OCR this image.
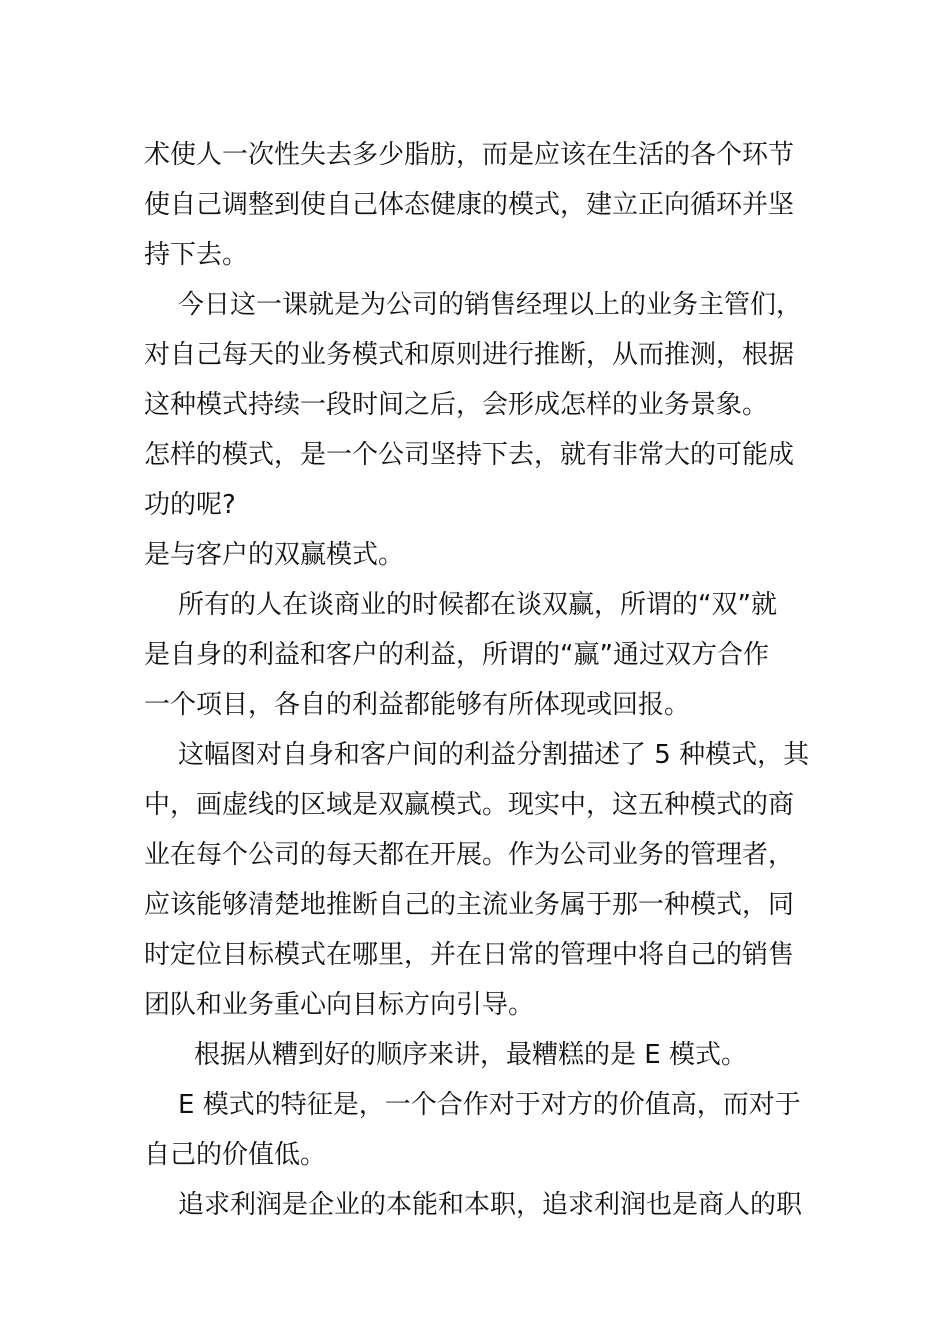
术使人一次性失去多少脂肪，而是应该在生活的各个环节
使自己调整到使自己体态健康的模式，建立正向循环并坚
持下去。
今日这一课就是为公司的销售经理以上的业务主管们，
对自己每天的业务模式和原则进行推断，从而推测，根据
这种模式持续一段时间之后，会形成怎样的业务景象。
怎样的模式，是一个公司坚持下去，就有非常大的可能成
功的呢?
是与客户的双赢模式。
所有的人在谈商业的时候都在谈双赢，所谓的“双”就
是自身的利益和客户的利益，所谓的“赢”通过双方合作
一个项目，各自的利益都能够有所体现或回报。
这幅图对自身和客户间的利益分割描述了 5 种模式，其
中，画虚线的区域是双赢模式。现实中，这五种模式的商
业在每个公司的每天都在开展。作为公司业务的管理者，
应该能够清楚地推断自己的主流业务属于那一种模式，同
时定位目标模式在哪里，并在日常的管理中将自己的销售
团队和业务重心向目标方向引导。
根据从糟到好的顺序来讲，最糟糕的是 E 模式。
E 模式的特征是，一个合作对于对方的价值高，而对于
自己的价值低。
追求利润是企业的本能和本职，追求利润也是商人的职
